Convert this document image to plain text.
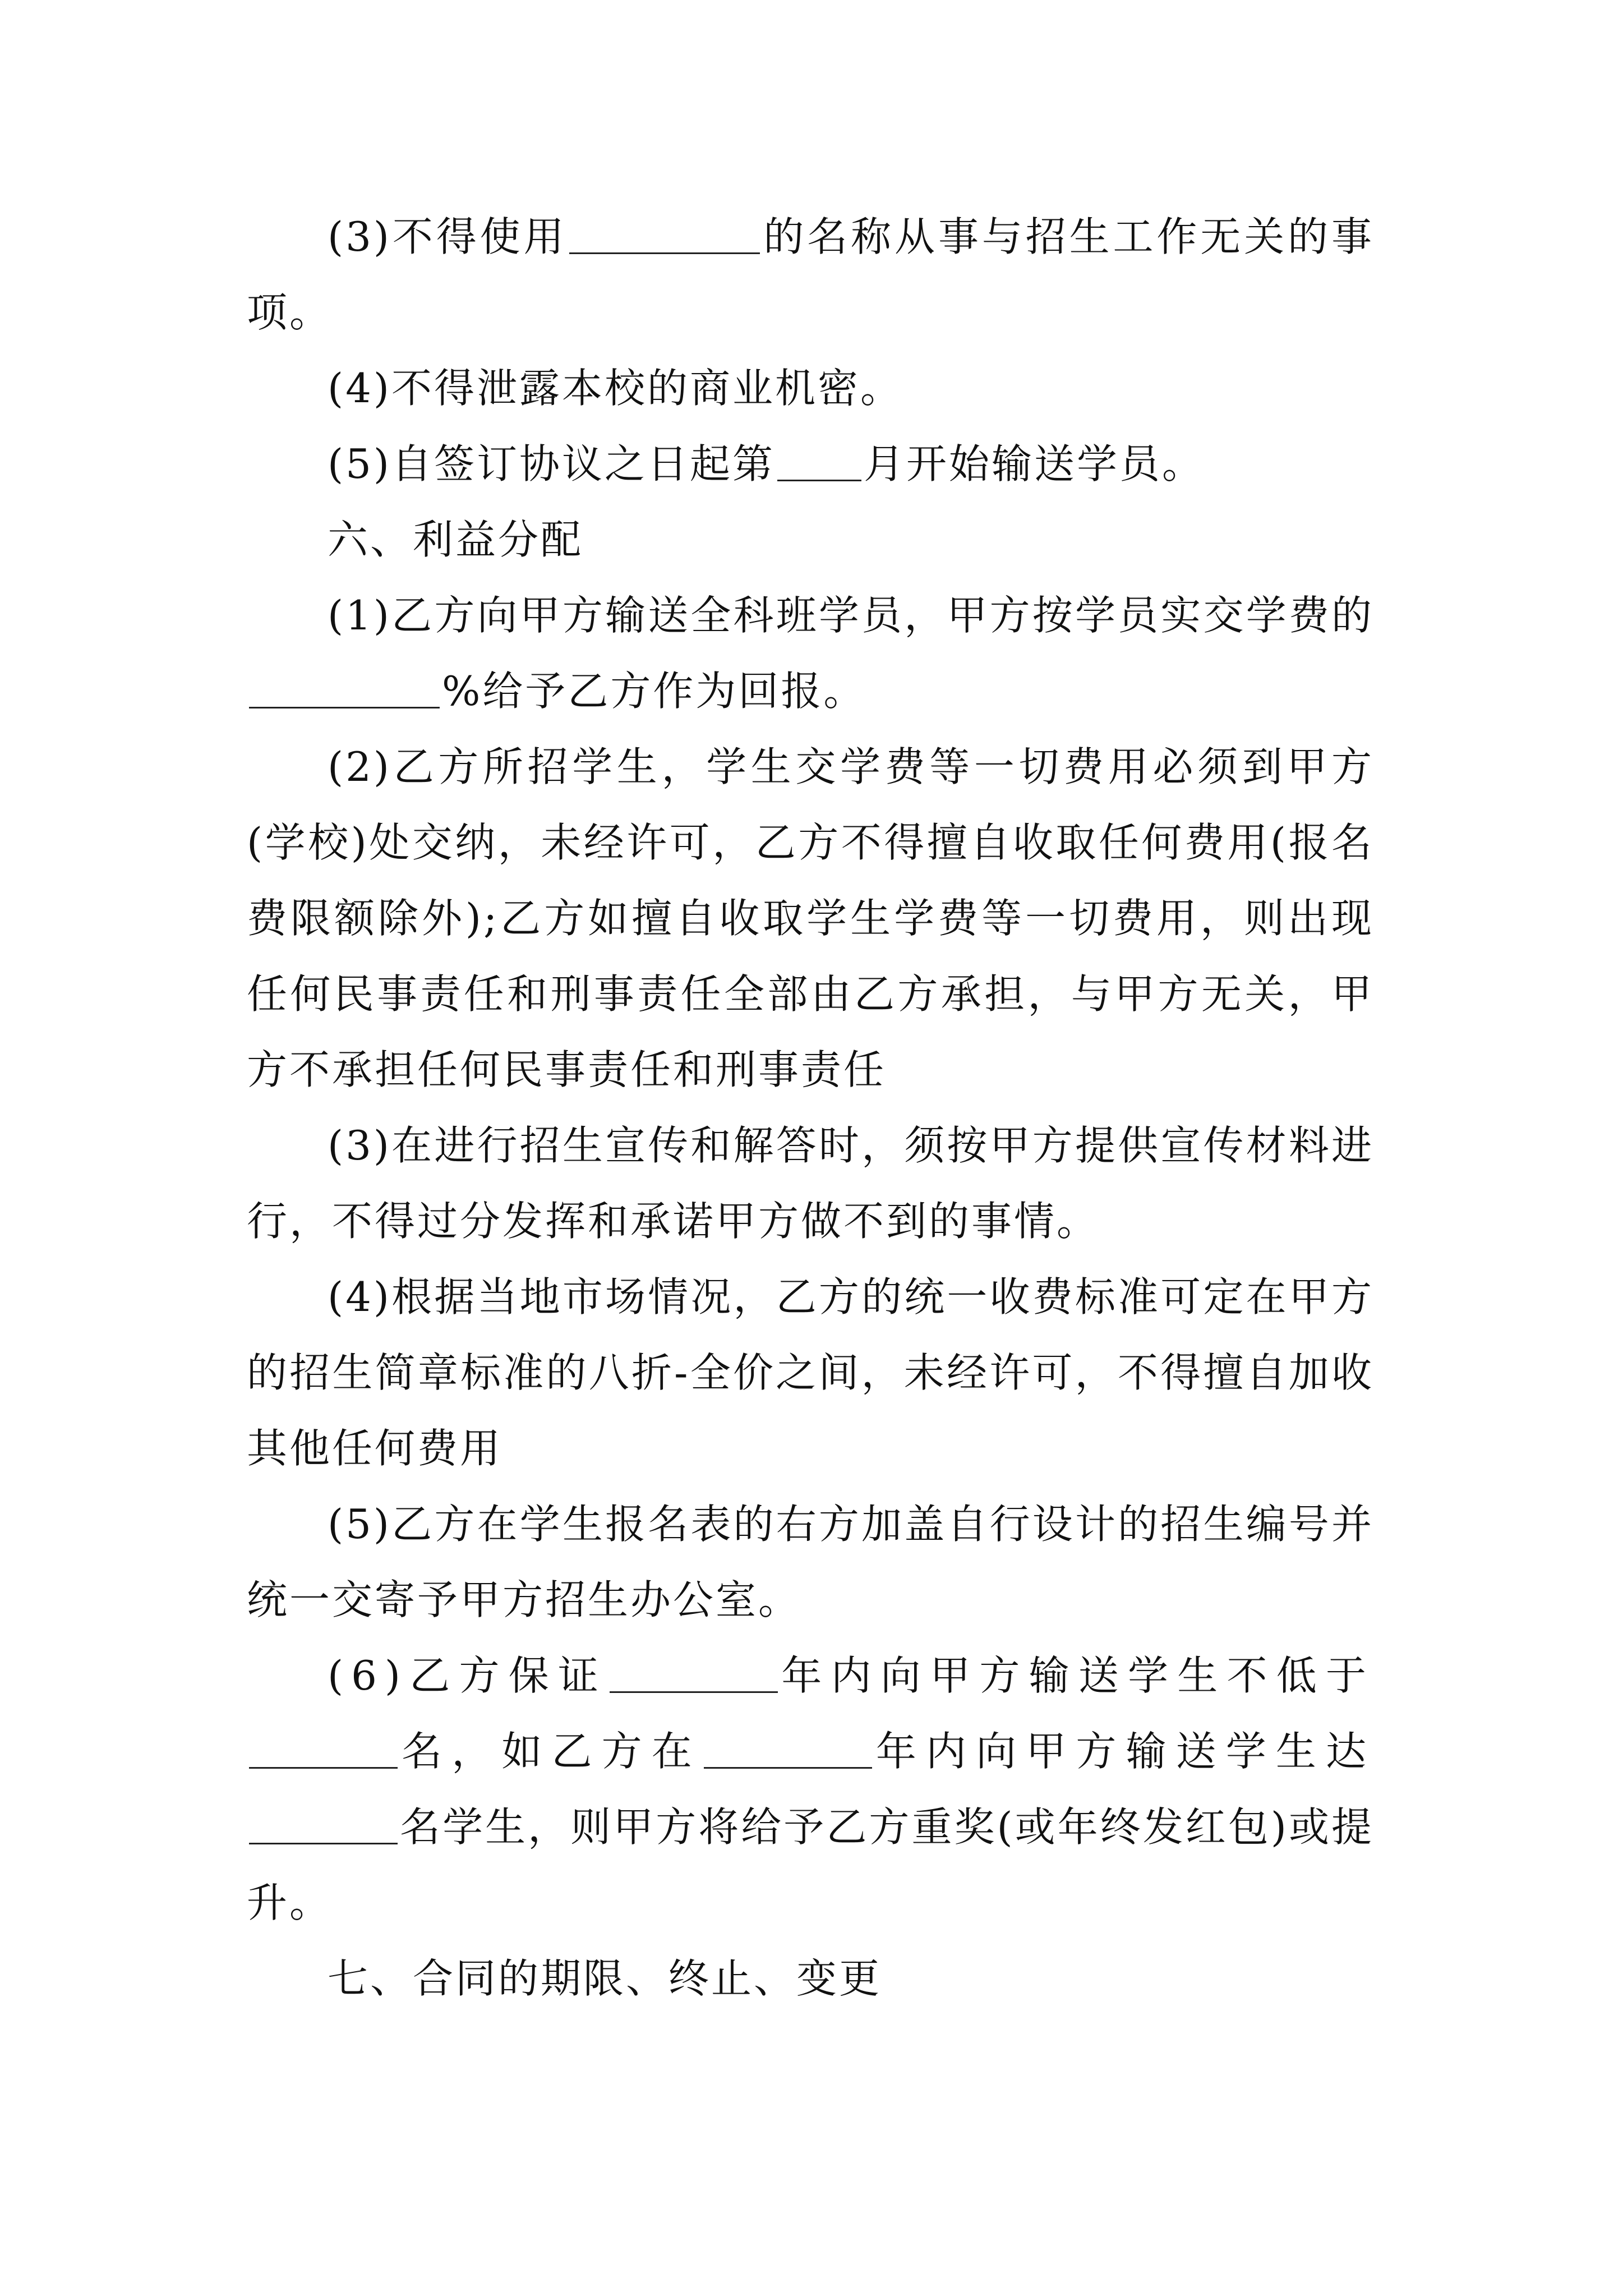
(3)不得使用	的名称从事与招生工作无关的事项。

(4)不得泄露本校的商业机密。

(5)自签订协议之日起第 月开始输送学员。

六、利益分配

(1)乙方向甲方输送全科班学员，甲方按学员实交学费的%给予乙方作为回报。

(2)乙方所招学生，学生交学费等一切费用必须到甲方(学校)处交纳，未经许可，乙方不得擅自收取任何费用(报名费限额除外);乙方如擅自收取学生学费等一切费用，则出现任何民事责任和刑事责任全部由乙方承担，与甲方无关，甲方不承担任何民事责任和刑事责任

(3)在进行招生宣传和解答时，须按甲方提供宣传材料进行，不得过分发挥和承诺甲方做不到的事情。

(4)根据当地市场情况，乙方的统一收费标准可定在甲方的招生简章标准的八折-全价之间，未经许可，不得擅自加收其他任何费用

(5)乙方在学生报名表的右方加盖自行设计的招生编号并统一交寄予甲方招生办公室。

(6)乙方保证	年内向甲方输送学生不低于名，如乙方在	年内向甲方输送学生达名学生，则甲方将给予乙方重奖(或年终发红包)或提升。

七、合同的期限、终止、变更
